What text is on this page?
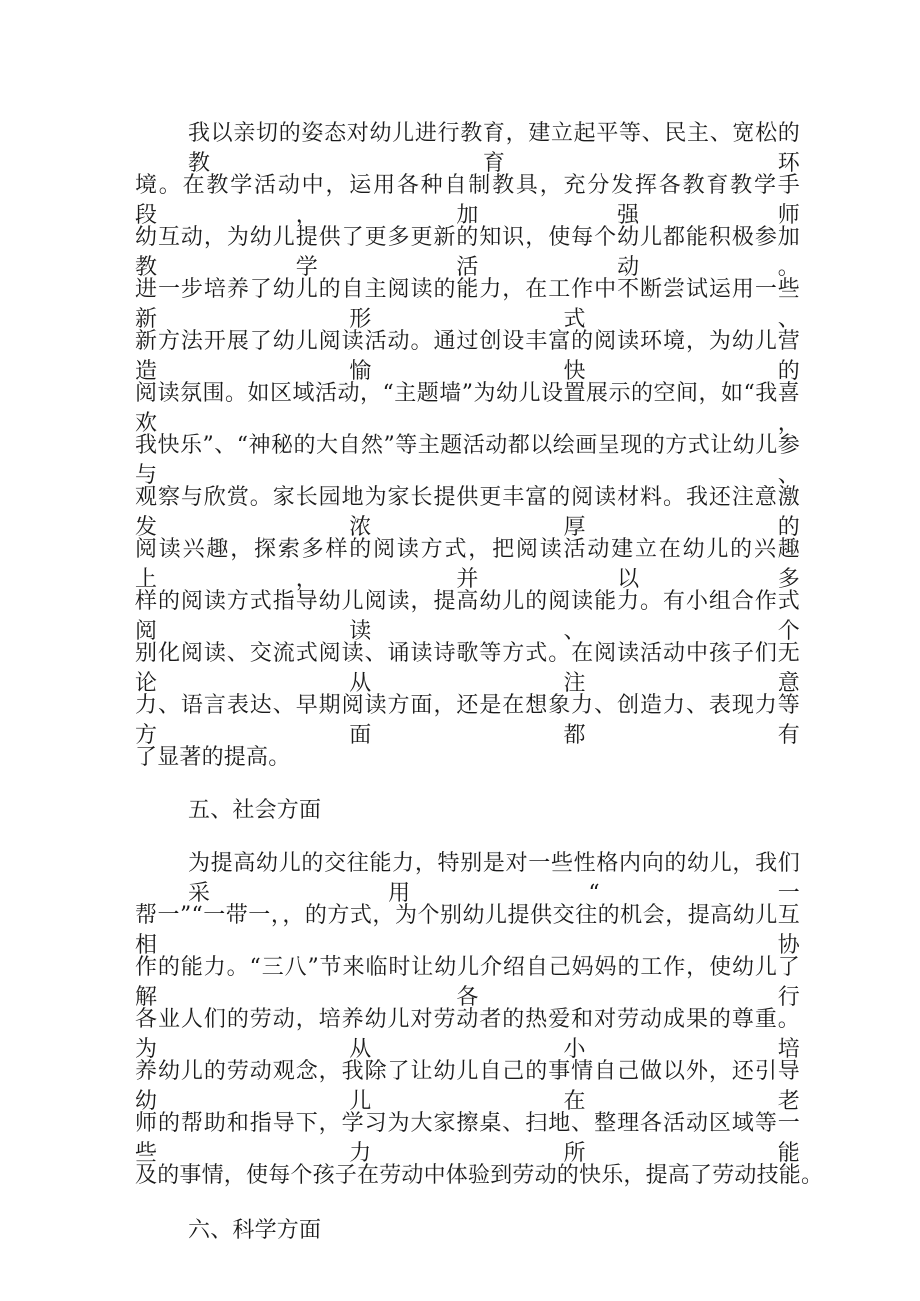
我以亲切的姿态对幼儿进行教育，建立起平等、民主、宽松的教育环
境。在教学活动中，运用各种自制教具，充分发挥各教育教学手段，加强师
幼互动，为幼儿提供了更多更新的知识，使每个幼儿都能积极参加教学活动。
进一步培养了幼儿的自主阅读的能力，在工作中不断尝试运用一些新形式、
新方法开展了幼儿阅读活动。通过创设丰富的阅读环境，为幼儿营造愉快的
阅读氛围。如区域活动，“主题墙”为幼儿设置展示的空间，如“我喜欢，
我快乐”、“神秘的大自然”等主题活动都以绘画呈现的方式让幼儿参与、
观察与欣赏。家长园地为家长提供更丰富的阅读材料。我还注意激发浓厚的
阅读兴趣，探索多样的阅读方式，把阅读活动建立在幼儿的兴趣上，并以多
样的阅读方式指导幼儿阅读，提高幼儿的阅读能力。有小组合作式阅读、个
别化阅读、交流式阅读、诵读诗歌等方式。在阅读活动中孩子们无论从注意
力、语言表达、早期阅读方面，还是在想象力、创造力、表现力等方面都有
了显著的提高。
五、社会方面
为提高幼儿的交往能力，特别是对一些性格内向的幼儿，我们采用“一
帮一”“一带一，，的方式，为个别幼儿提供交往的机会，提高幼儿互相协
作的能力。“三八”节来临时让幼儿介绍自己妈妈的工作，使幼儿了解各行
各业人们的劳动，培养幼儿对劳动者的热爱和对劳动成果的尊重。为从小培
养幼儿的劳动观念，我除了让幼儿自己的事情自己做以外，还引导幼儿在老
师的帮助和指导下，学习为大家擦桌、扫地、整理各活动区域等一些力所能
及的事情，使每个孩子在劳动中体验到劳动的快乐，提高了劳动技能。
六、科学方面
